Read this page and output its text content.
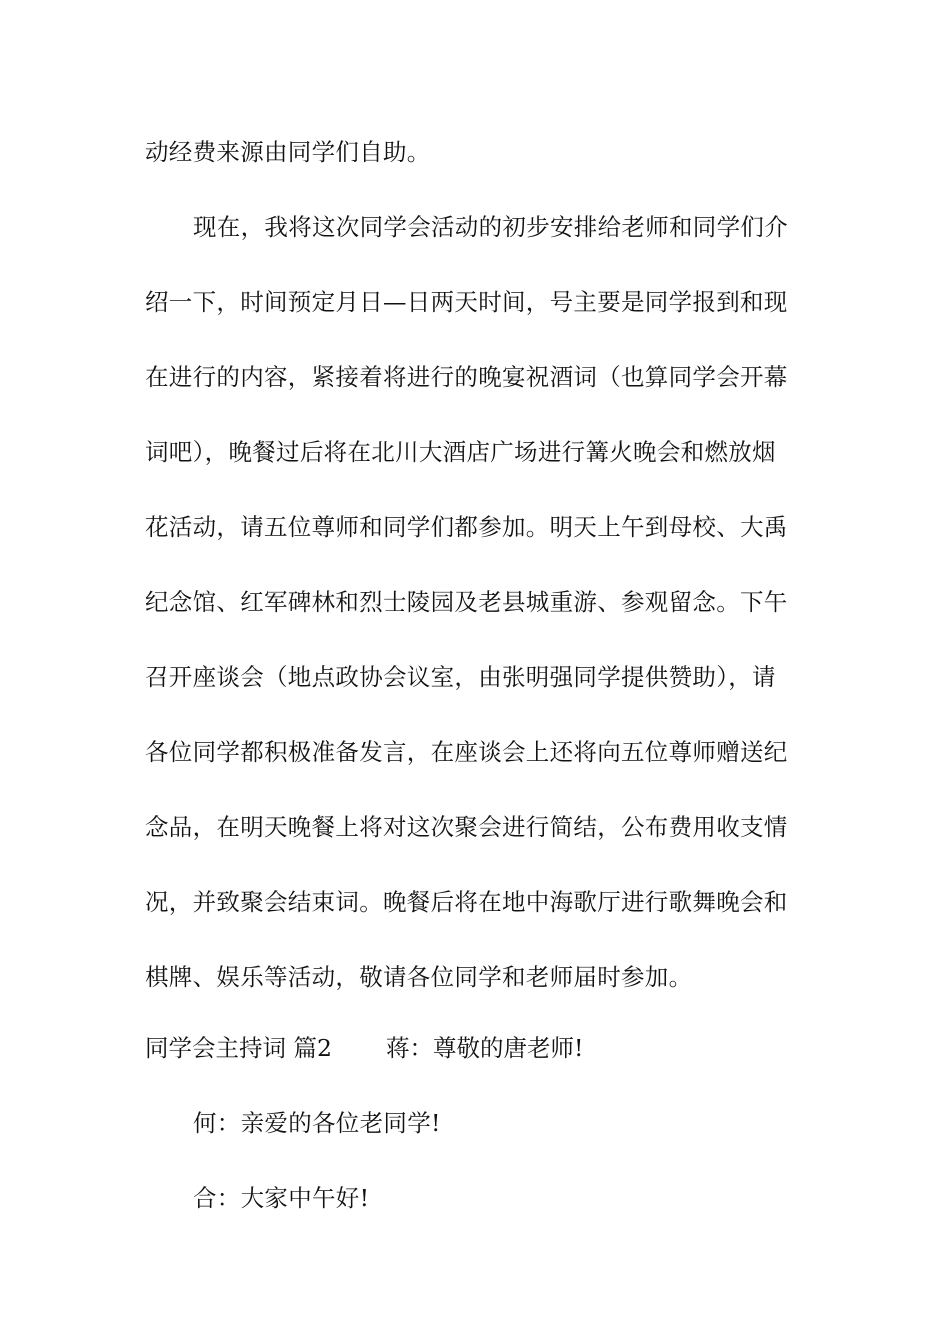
动经费来源由同学们自助。
现在，我将这次同学会活动的初步安排给老师和同学们介
绍一下，时间预定月日—日两天时间，号主要是同学报到和现
在进行的内容，紧接着将进行的晚宴祝酒词（也算同学会开幕
词吧），晚餐过后将在北川大酒店广场进行篝火晚会和燃放烟
花活动，请五位尊师和同学们都参加。明天上午到母校、大禹
纪念馆、红军碑林和烈士陵园及老县城重游、参观留念。下午
召开座谈会（地点政协会议室，由张明强同学提供赞助），请
各位同学都积极准备发言，在座谈会上还将向五位尊师赠送纪
念品，在明天晚餐上将对这次聚会进行简结，公布费用收支情
况，并致聚会结束词。晚餐后将在地中海歌厅进行歌舞晚会和
棋牌、娱乐等活动，敬请各位同学和老师届时参加。
同学会主持词 篇2 蒋：尊敬的唐老师!
何：亲爱的各位老同学!
合：大家中午好!
